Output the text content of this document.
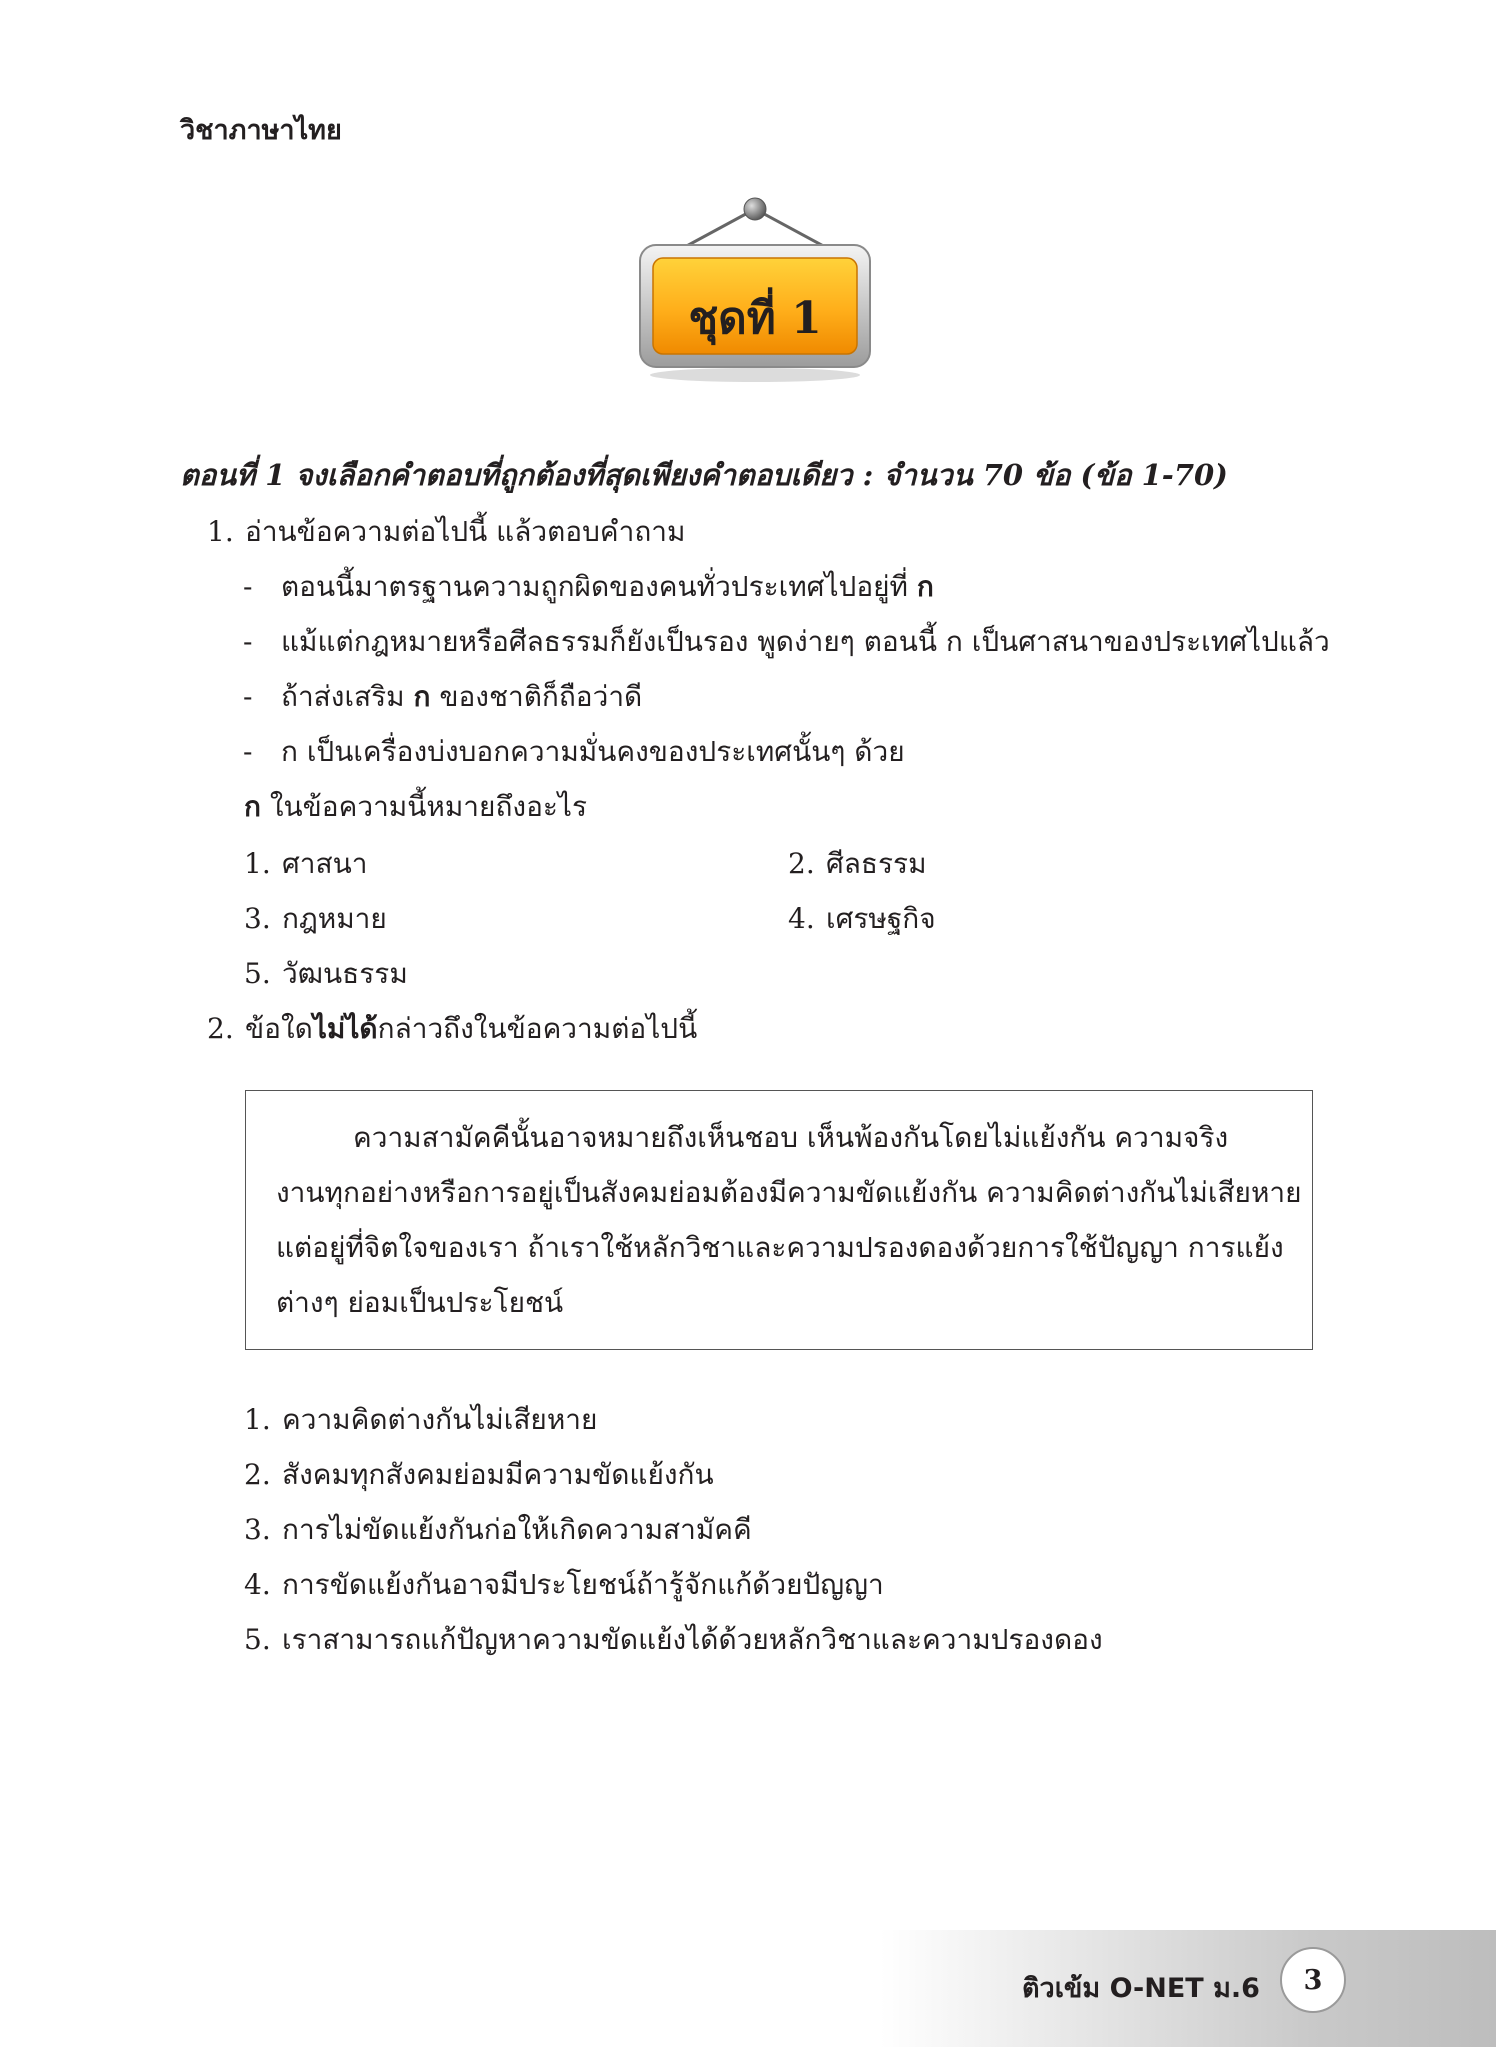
วิชาภาษาไทย
ชุดที่ 1
ตอนที่ 1 จงเลือกคำตอบที่ถูกต้องที่สุดเพียงคำตอบเดียว : จำนวน 70 ข้อ (ข้อ 1-70)
1. อ่านข้อความต่อไปนี้ แล้วตอบคำถาม
- ตอนนี้มาตรฐานความถูกผิดของคนทั่วประเทศไปอยู่ที่ ก
- แม้แต่กฎหมายหรือศีลธรรมก็ยังเป็นรอง พูดง่ายๆ ตอนนี้ ก เป็นศาสนาของประเทศไปแล้ว
- ถ้าส่งเสริม ก ของชาติก็ถือว่าดี
- ก เป็นเครื่องบ่งบอกความมั่นคงของประเทศนั้นๆ ด้วย
ก ในข้อความนี้หมายถึงอะไร
1. ศาสนา	2. ศีลธรรม
3. กฎหมาย	4. เศรษฐกิจ
5. วัฒนธรรม
2. ข้อใดไม่ได้กล่าวถึงในข้อความต่อไปนี้
ความสามัคคีนั้นอาจหมายถึงเห็นชอบ เห็นพ้องกันโดยไม่แย้งกัน ความจริง
งานทุกอย่างหรือการอยู่เป็นสังคมย่อมต้องมีความขัดแย้งกัน ความคิดต่างกันไม่เสียหาย
แต่อยู่ที่จิตใจของเรา ถ้าเราใช้หลักวิชาและความปรองดองด้วยการใช้ปัญญา การแย้ง
ต่างๆ ย่อมเป็นประโยชน์
1. ความคิดต่างกันไม่เสียหาย
2. สังคมทุกสังคมย่อมมีความขัดแย้งกัน
3. การไม่ขัดแย้งกันก่อให้เกิดความสามัคคี
4. การขัดแย้งกันอาจมีประโยชน์ถ้ารู้จักแก้ด้วยปัญญา
5. เราสามารถแก้ปัญหาความขัดแย้งได้ด้วยหลักวิชาและความปรองดอง
ติวเข้ม O-NET ม.6	3
